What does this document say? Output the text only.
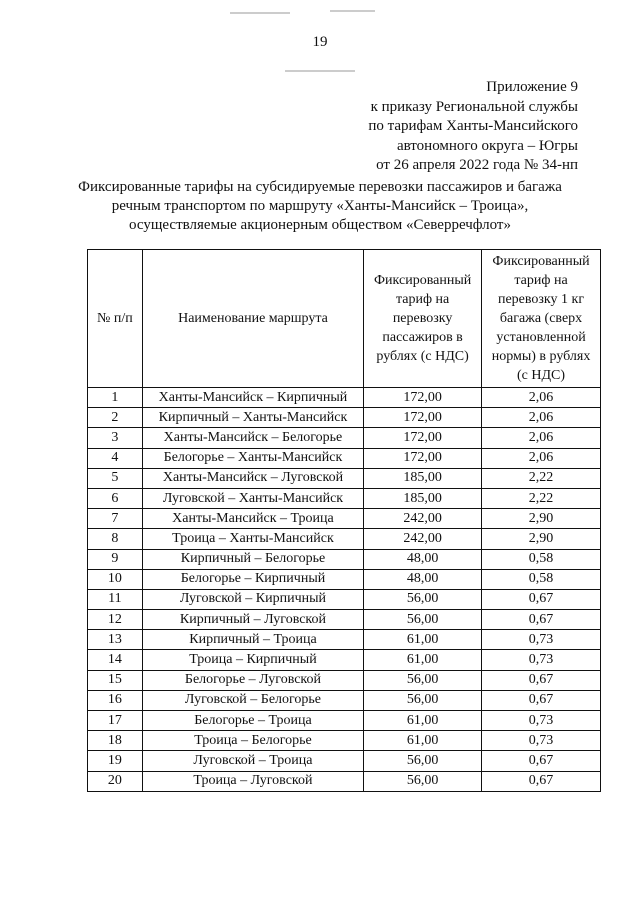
19
Приложение 9
к приказу Региональной службы
по тарифам Ханты-Мансийского
автономного округа – Югры
от 26 апреля 2022 года № 34-нп
Фиксированные тарифы на субсидируемые перевозки пассажиров и багажа
речным транспортом по маршруту «Ханты-Мансийск – Троица»,
осуществляемые акционерным обществом «Северречфлот»
№ п/п	Наименование маршрута	Фиксированный тариф на перевозку пассажиров в рублях (с НДС)	Фиксированный тариф на перевозку 1 кг багажа (сверх установленной нормы) в рублях (с НДС)
1	Ханты-Мансийск – Кирпичный	172,00	2,06
2	Кирпичный – Ханты-Мансийск	172,00	2,06
3	Ханты-Мансийск – Белогорье	172,00	2,06
4	Белогорье – Ханты-Мансийск	172,00	2,06
5	Ханты-Мансийск – Луговской	185,00	2,22
6	Луговской – Ханты-Мансийск	185,00	2,22
7	Ханты-Мансийск – Троица	242,00	2,90
8	Троица – Ханты-Мансийск	242,00	2,90
9	Кирпичный – Белогорье	48,00	0,58
10	Белогорье – Кирпичный	48,00	0,58
11	Луговской – Кирпичный	56,00	0,67
12	Кирпичный – Луговской	56,00	0,67
13	Кирпичный – Троица	61,00	0,73
14	Троица – Кирпичный	61,00	0,73
15	Белогорье – Луговской	56,00	0,67
16	Луговской – Белогорье	56,00	0,67
17	Белогорье – Троица	61,00	0,73
18	Троица – Белогорье	61,00	0,73
19	Луговской – Троица	56,00	0,67
20	Троица – Луговской	56,00	0,67
